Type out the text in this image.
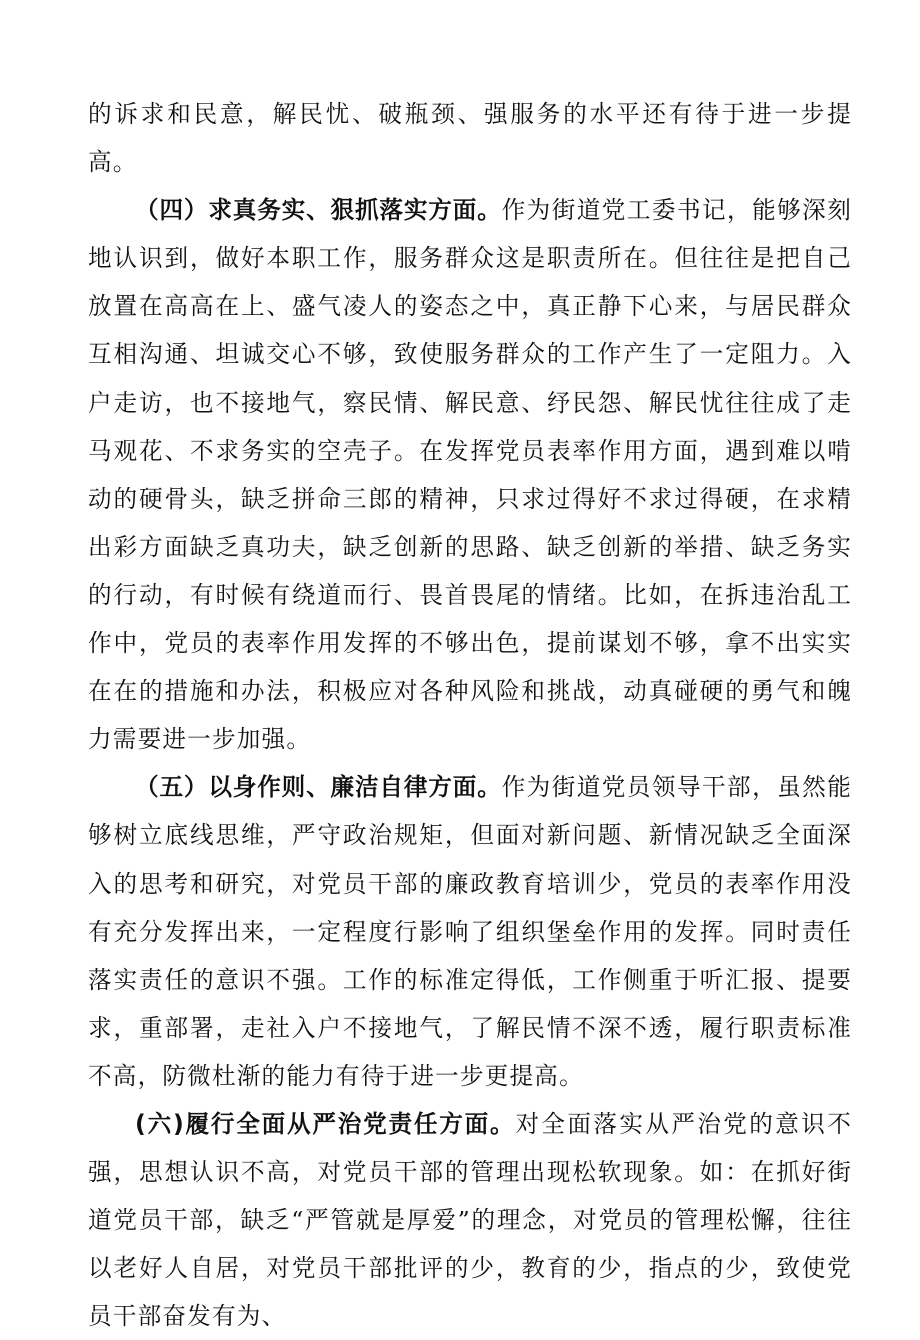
的诉求和民意，解民忧、破瓶颈、强服务的水平还有待于进一步提高。

（四）求真务实、狠抓落实方面。作为街道党工委书记，能够深刻地认识到，做好本职工作，服务群众这是职责所在。但往往是把自己放置在高高在上、盛气凌人的姿态之中，真正静下心来，与居民群众互相沟通、坦诚交心不够，致使服务群众的工作产生了一定阻力。入户走访，也不接地气，察民情、解民意、纾民怨、解民忧往往成了走马观花、不求务实的空壳子。在发挥党员表率作用方面，遇到难以啃动的硬骨头，缺乏拼命三郎的精神，只求过得好不求过得硬，在求精出彩方面缺乏真功夫，缺乏创新的思路、缺乏创新的举措、缺乏务实的行动，有时候有绕道而行、畏首畏尾的情绪。比如，在拆违治乱工作中，党员的表率作用发挥的不够出色，提前谋划不够，拿不出实实在在的措施和办法，积极应对各种风险和挑战，动真碰硬的勇气和魄力需要进一步加强。

（五）以身作则、廉洁自律方面。作为街道党员领导干部，虽然能够树立底线思维，严守政治规矩，但面对新问题、新情况缺乏全面深入的思考和研究，对党员干部的廉政教育培训少，党员的表率作用没有充分发挥出来，一定程度行影响了组织堡垒作用的发挥。同时责任落实责任的意识不强。工作的标准定得低，工作侧重于听汇报、提要求，重部署，走社入户不接地气，了解民情不深不透，履行职责标准不高，防微杜渐的能力有待于进一步更提高。

(六)履行全面从严治党责任方面。对全面落实从严治党的意识不强，思想认识不高，对党员干部的管理出现松软现象。如：在抓好街道党员干部，缺乏“严管就是厚爱”的理念，对党员的管理松懈，往往以老好人自居，对党员干部批评的少，教育的少，指点的少，致使党员干部奋发有为、
